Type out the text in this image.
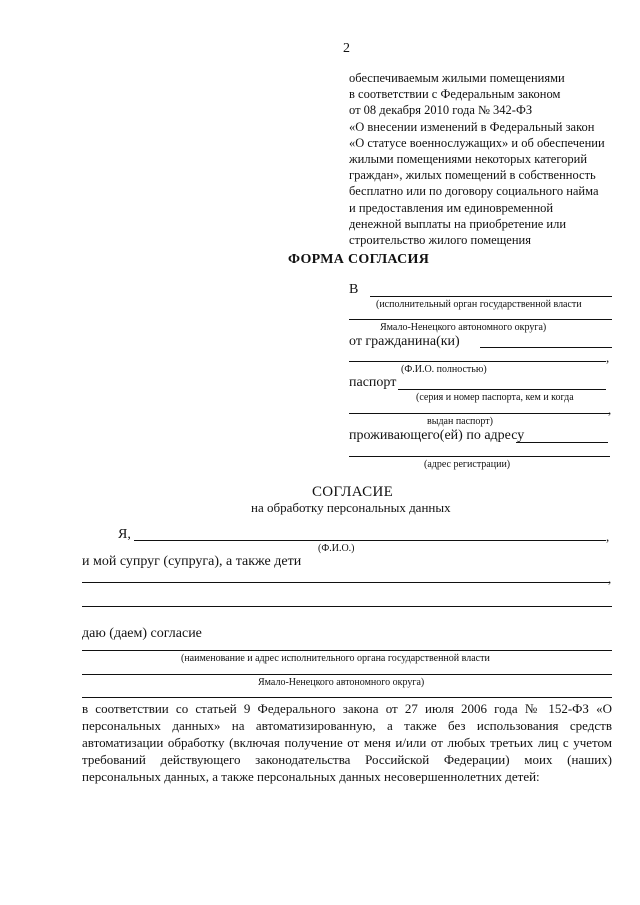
2

обеспечиваемым жилыми помещениями

в соответствии с Федеральным законом

от 08 декабря 2010 года № 342-ФЗ

«О внесении изменений в Федеральный закон

«О статусе военнослужащих» и об обеспечении

жилыми помещениями некоторых категорий

граждан», жилых помещений в собственность

бесплатно или по договору социального найма

и предоставления им единовременной

денежной выплаты на приобретение или

строительство жилого помещения

ФОРМА СОГЛАСИЯ
В
(исполнительный орган государственной власти
Ямало-Ненецкого автономного округа)
от гражданина(ки)
,
(Ф.И.О. полностью)
паспорт
(серия и номер паспорта, кем и когда
,
выдан паспорт)
проживающего(ей) по адресу
(адрес регистрации)
СОГЛАСИЕ
на обработку персональных данных
Я,	,
(Ф.И.О.)
и мой супруг (супруга), а также дети
,
даю (даем) согласие
(наименование и адрес исполнительного органа государственной власти
Ямало-Ненецкого автономного округа)
в соответствии со статьей 9 Федерального закона от 27 июля 2006 года № 152-ФЗ «О персональных данных» на автоматизированную, а также без использования средств автоматизации обработку (включая получение от меня и/или от любых третьих лиц с учетом требований действующего законодательства Российской Федерации) моих (наших) персональных данных, а также персональных данных несовершеннолетних детей:
